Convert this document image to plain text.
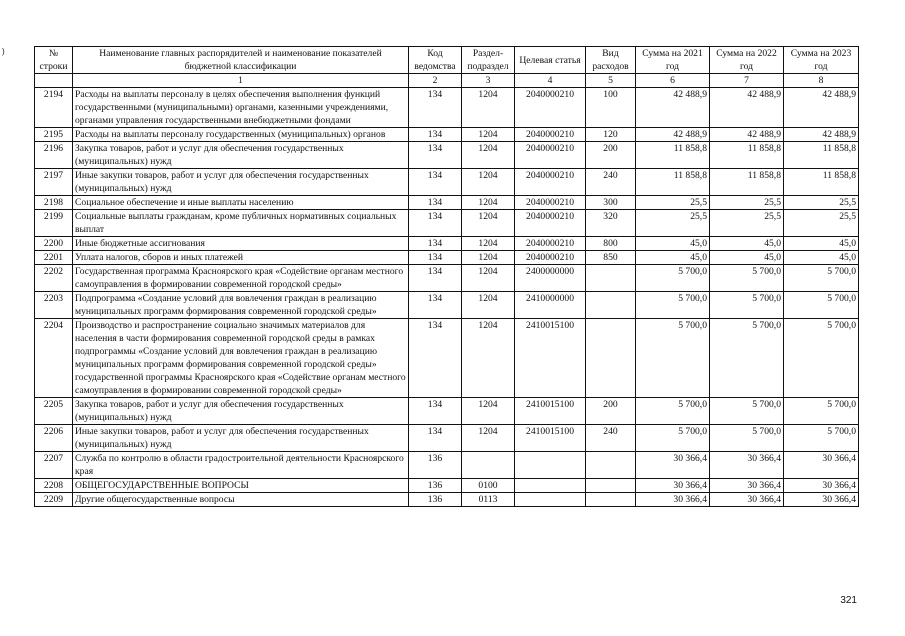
)	№ строки	Наименование главных распорядителей и наименование показателей бюджетной классификации	Код ведомства	Раздел-подраздел	Целевая статья	Вид расходов	Сумма на 2021 год	Сумма на 2022 год	Сумма на 2023 год
	1	2	3	4	5	6	7	8
2194	Расходы на выплаты персоналу в целях обеспечения выполнения функций государственными (муниципальными) органами, казенными учреждениями, органами управления государственными внебюджетными фондами	134	1204	2040000210	100	42 488,9	42 488,9	42 488,9
2195	Расходы на выплаты персоналу государственных (муниципальных) органов	134	1204	2040000210	120	42 488,9	42 488,9	42 488,9
2196	Закупка товаров, работ и услуг для обеспечения государственных (муниципальных) нужд	134	1204	2040000210	200	11 858,8	11 858,8	11 858,8
2197	Иные закупки товаров, работ и услуг для обеспечения государственных (муниципальных) нужд	134	1204	2040000210	240	11 858,8	11 858,8	11 858,8
2198	Социальное обеспечение и иные выплаты населению	134	1204	2040000210	300	25,5	25,5	25,5
2199	Социальные выплаты гражданам, кроме публичных нормативных социальных выплат	134	1204	2040000210	320	25,5	25,5	25,5
2200	Иные бюджетные ассигнования	134	1204	2040000210	800	45,0	45,0	45,0
2201	Уплата налогов, сборов и иных платежей	134	1204	2040000210	850	45,0	45,0	45,0
2202	Государственная программа Красноярского края «Содействие органам местного самоуправления в формировании современной городской среды»	134	1204	2400000000		5 700,0	5 700,0	5 700,0
2203	Подпрограмма «Создание условий для вовлечения граждан в реализацию муниципальных программ формирования современной городской среды»	134	1204	2410000000		5 700,0	5 700,0	5 700,0
2204	Производство и распространение социально значимых материалов для населения в части формирования современной городской среды в рамках подпрограммы «Создание условий для вовлечения граждан в реализацию муниципальных программ формирования современной городской среды» государственной программы Красноярского края «Содействие органам местного самоуправления в формировании современной городской среды»	134	1204	2410015100		5 700,0	5 700,0	5 700,0
2205	Закупка товаров, работ и услуг для обеспечения государственных (муниципальных) нужд	134	1204	2410015100	200	5 700,0	5 700,0	5 700,0
2206	Иные закупки товаров, работ и услуг для обеспечения государственных (муниципальных) нужд	134	1204	2410015100	240	5 700,0	5 700,0	5 700,0
2207	Служба по контролю в области градостроительной деятельности Красноярского края	136				30 366,4	30 366,4	30 366,4
2208	ОБЩЕГОСУДАРСТВЕННЫЕ ВОПРОСЫ	136	0100			30 366,4	30 366,4	30 366,4
2209	Другие общегосударственные вопросы	136	0113			30 366,4	30 366,4	30 366,4
321
